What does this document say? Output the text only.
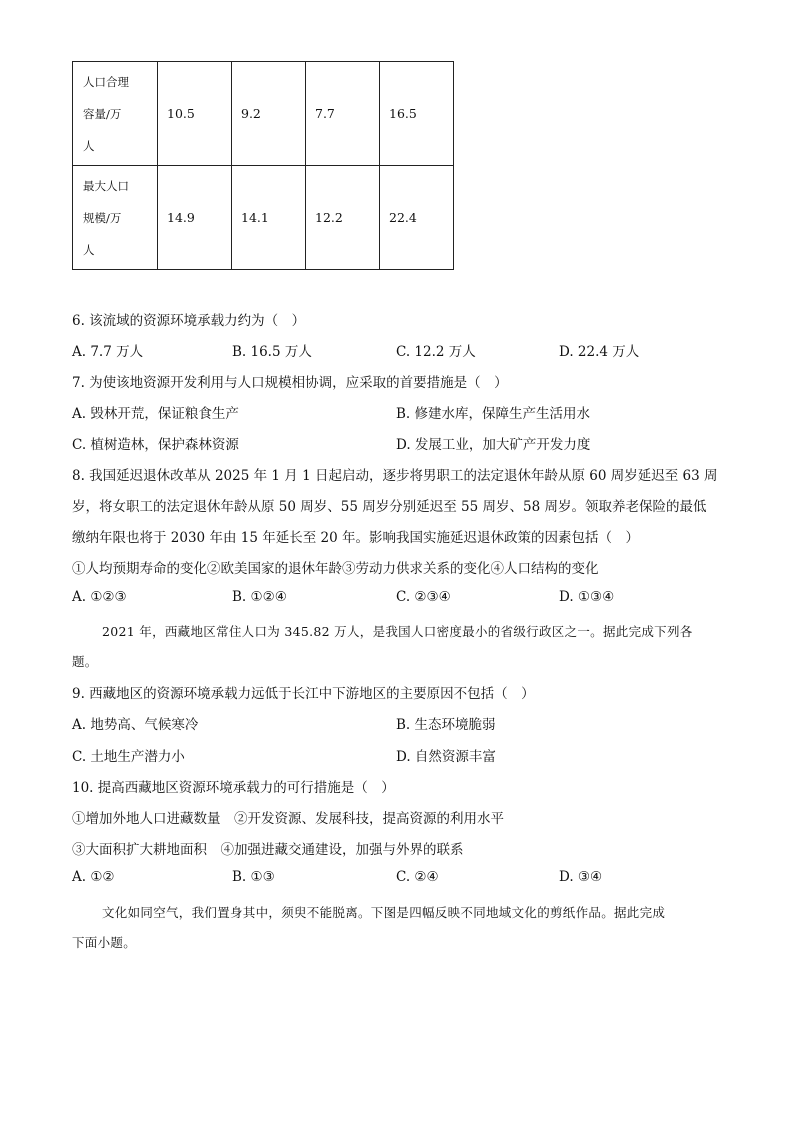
人口合理
容量/万
人	10.5	9.2	7.7	16.5

最大人口
规模/万
人	14.9	14.1	12.2	22.4
6. 该流域的资源环境承载力约为（　）
A. 7.7 万人	B. 16.5 万人	C. 12.2 万人	D. 22.4 万人
7. 为使该地资源开发利用与人口规模相协调，应采取的首要措施是（　）
A. 毁林开荒，保证粮食生产	B. 修建水库，保障生产生活用水
C. 植树造林，保护森林资源	D. 发展工业，加大矿产开发力度
8. 我国延迟退休改革从 2025 年 1 月 1 日起启动，逐步将男职工的法定退休年龄从原 60 周岁延迟至 63 周
岁，将女职工的法定退休年龄从原 50 周岁、55 周岁分别延迟至 55 周岁、58 周岁。领取养老保险的最低
缴纳年限也将于 2030 年由 15 年延长至 20 年。影响我国实施延迟退休政策的因素包括（　）
①人均预期寿命的变化②欧美国家的退休年龄③劳动力供求关系的变化④人口结构的变化
A. ①②③	B. ①②④	C. ②③④	D. ①③④
2021 年，西藏地区常住人口为 345.82 万人，是我国人口密度最小的省级行政区之一。据此完成下列各
题。
9. 西藏地区的资源环境承载力远低于长江中下游地区的主要原因不包括（　）
A. 地势高、气候寒冷	B. 生态环境脆弱
C. 土地生产潜力小	D. 自然资源丰富
10. 提高西藏地区资源环境承载力的可行措施是（　）
①增加外地人口进藏数量　②开发资源、发展科技，提高资源的利用水平
③大面积扩大耕地面积　④加强进藏交通建设，加强与外界的联系
A. ①②	B. ①③	C. ②④	D. ③④
文化如同空气，我们置身其中，须臾不能脱离。下图是四幅反映不同地域文化的剪纸作品。据此完成
下面小题。
